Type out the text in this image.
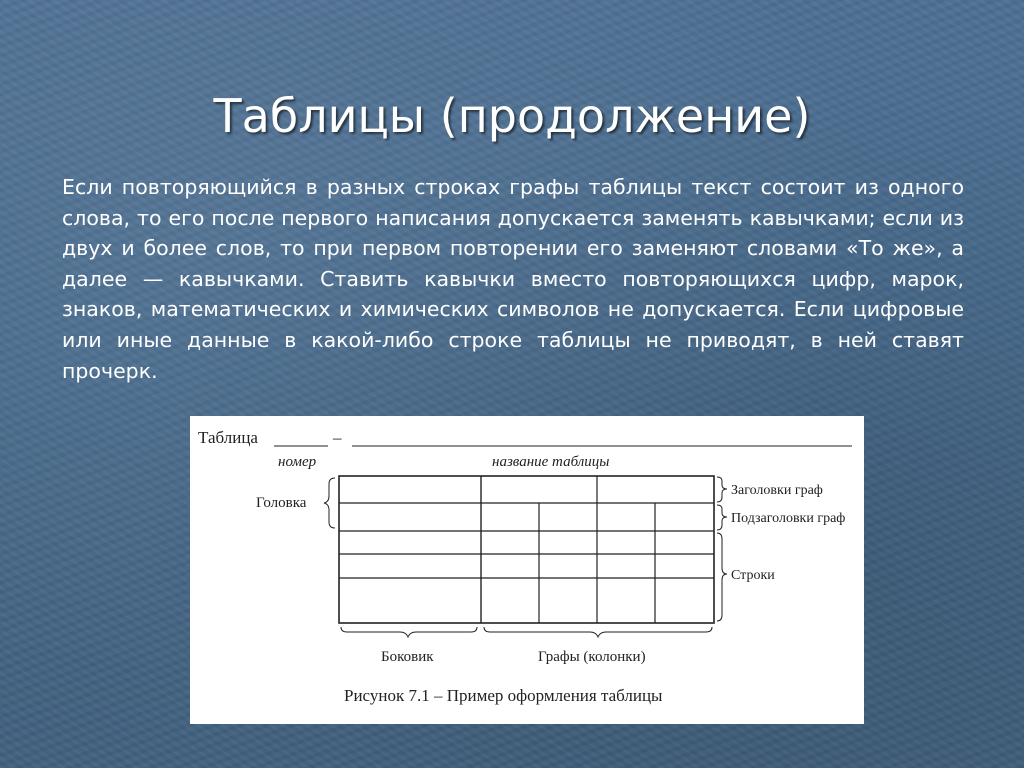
Таблицы (продолжение)
Если повторяющийся в разных строках графы таблицы текст состоит из одного слова, то его после первого написания допускается заменять кавычками; если из двух и более слов, то при первом повторении его заменяют словами «То же», а далее — кавычками. Ставить кавычки вместо повторяющихся цифр, марок, знаков, математических и химических символов не допускается. Если цифровые или иные данные в какой-либо строке таблицы не приводят, в ней ставят прочерк.
Таблица	–
номер	название таблицы
Головка
Заголовки граф
Подзаголовки граф
Строки
Боковик	Графы (колонки)
Рисунок 7.1 – Пример оформления таблицы
